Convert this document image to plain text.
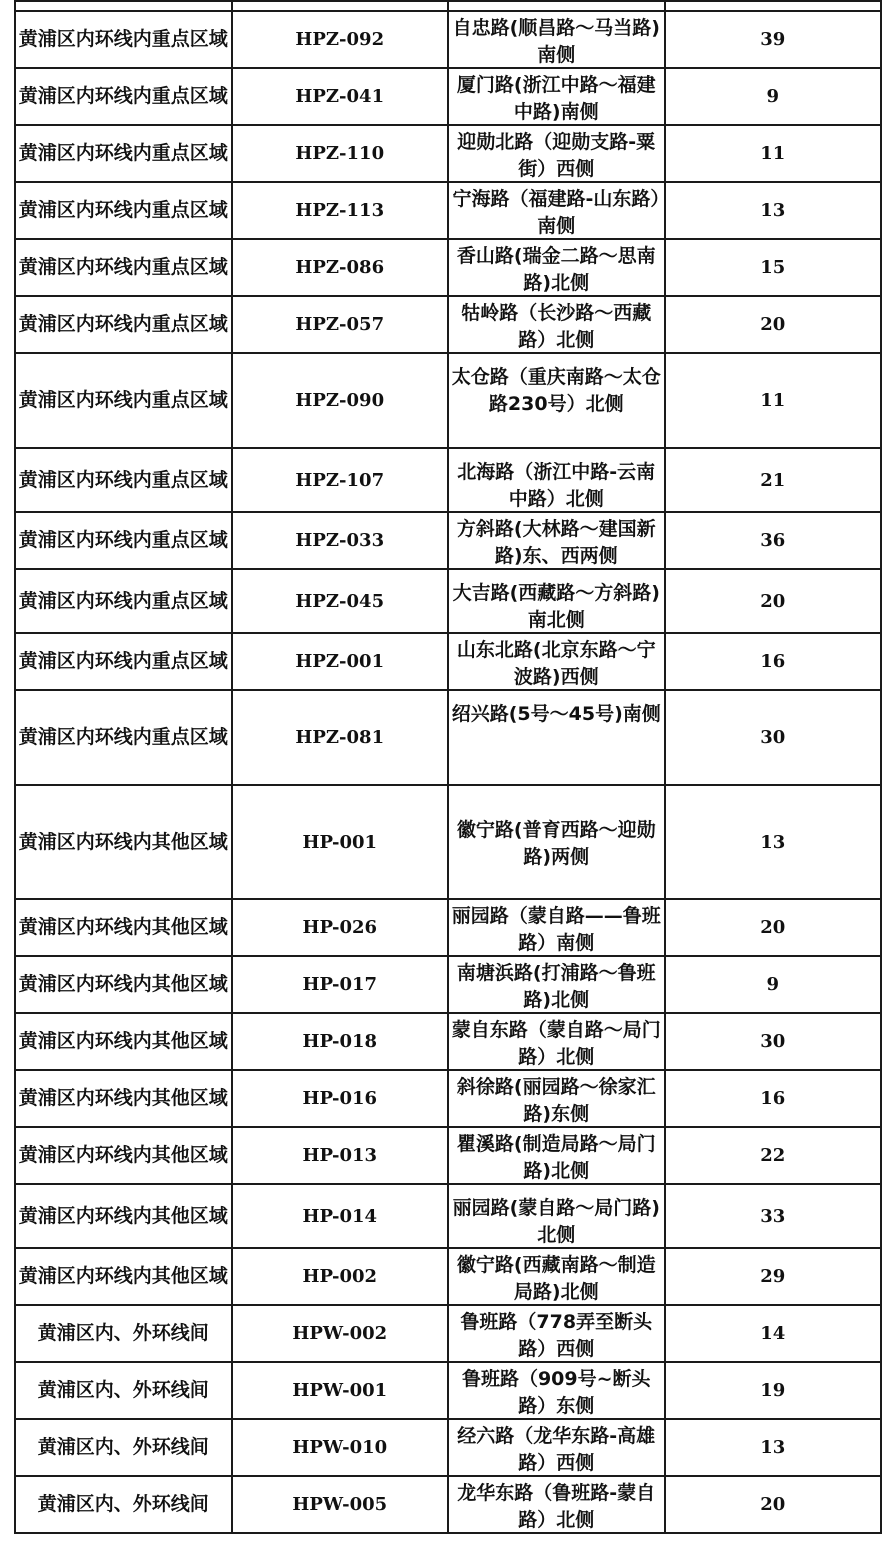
黄浦区内环线内重点区域	HPZ-092	自忠路(顺昌路～马当路)南侧	39
黄浦区内环线内重点区域	HPZ-041	厦门路(浙江中路～福建中路)南侧	9
黄浦区内环线内重点区域	HPZ-110	迎勋北路（迎勋支路-粟街）西侧	11
黄浦区内环线内重点区域	HPZ-113	宁海路（福建路-山东路）南侧	13
黄浦区内环线内重点区域	HPZ-086	香山路(瑞金二路～思南路)北侧	15
黄浦区内环线内重点区域	HPZ-057	牯岭路（长沙路～西藏路）北侧	20
黄浦区内环线内重点区域	HPZ-090	太仓路（重庆南路～太仓路230号）北侧	11
黄浦区内环线内重点区域	HPZ-107	北海路（浙江中路-云南中路）北侧	21
黄浦区内环线内重点区域	HPZ-033	方斜路(大林路～建国新路)东、西两侧	36
黄浦区内环线内重点区域	HPZ-045	大吉路(西藏路～方斜路)南北侧	20
黄浦区内环线内重点区域	HPZ-001	山东北路(北京东路～宁波路)西侧	16
黄浦区内环线内重点区域	HPZ-081	绍兴路(5号～45号)南侧	30
黄浦区内环线内其他区域	HP-001	徽宁路(普育西路～迎勋路)两侧	13
黄浦区内环线内其他区域	HP-026	丽园路（蒙自路——鲁班路）南侧	20
黄浦区内环线内其他区域	HP-017	南塘浜路(打浦路～鲁班路)北侧	9
黄浦区内环线内其他区域	HP-018	蒙自东路（蒙自路～局门路）北侧	30
黄浦区内环线内其他区域	HP-016	斜徐路(丽园路～徐家汇路)东侧	16
黄浦区内环线内其他区域	HP-013	瞿溪路(制造局路～局门路)北侧	22
黄浦区内环线内其他区域	HP-014	丽园路(蒙自路～局门路)北侧	33
黄浦区内环线内其他区域	HP-002	徽宁路(西藏南路～制造局路)北侧	29
黄浦区内、外环线间	HPW-002	鲁班路（778弄至断头路）西侧	14
黄浦区内、外环线间	HPW-001	鲁班路（909号~断头路）东侧	19
黄浦区内、外环线间	HPW-010	经六路（龙华东路-高雄路）西侧	13
黄浦区内、外环线间	HPW-005	龙华东路（鲁班路-蒙自路）北侧	20
